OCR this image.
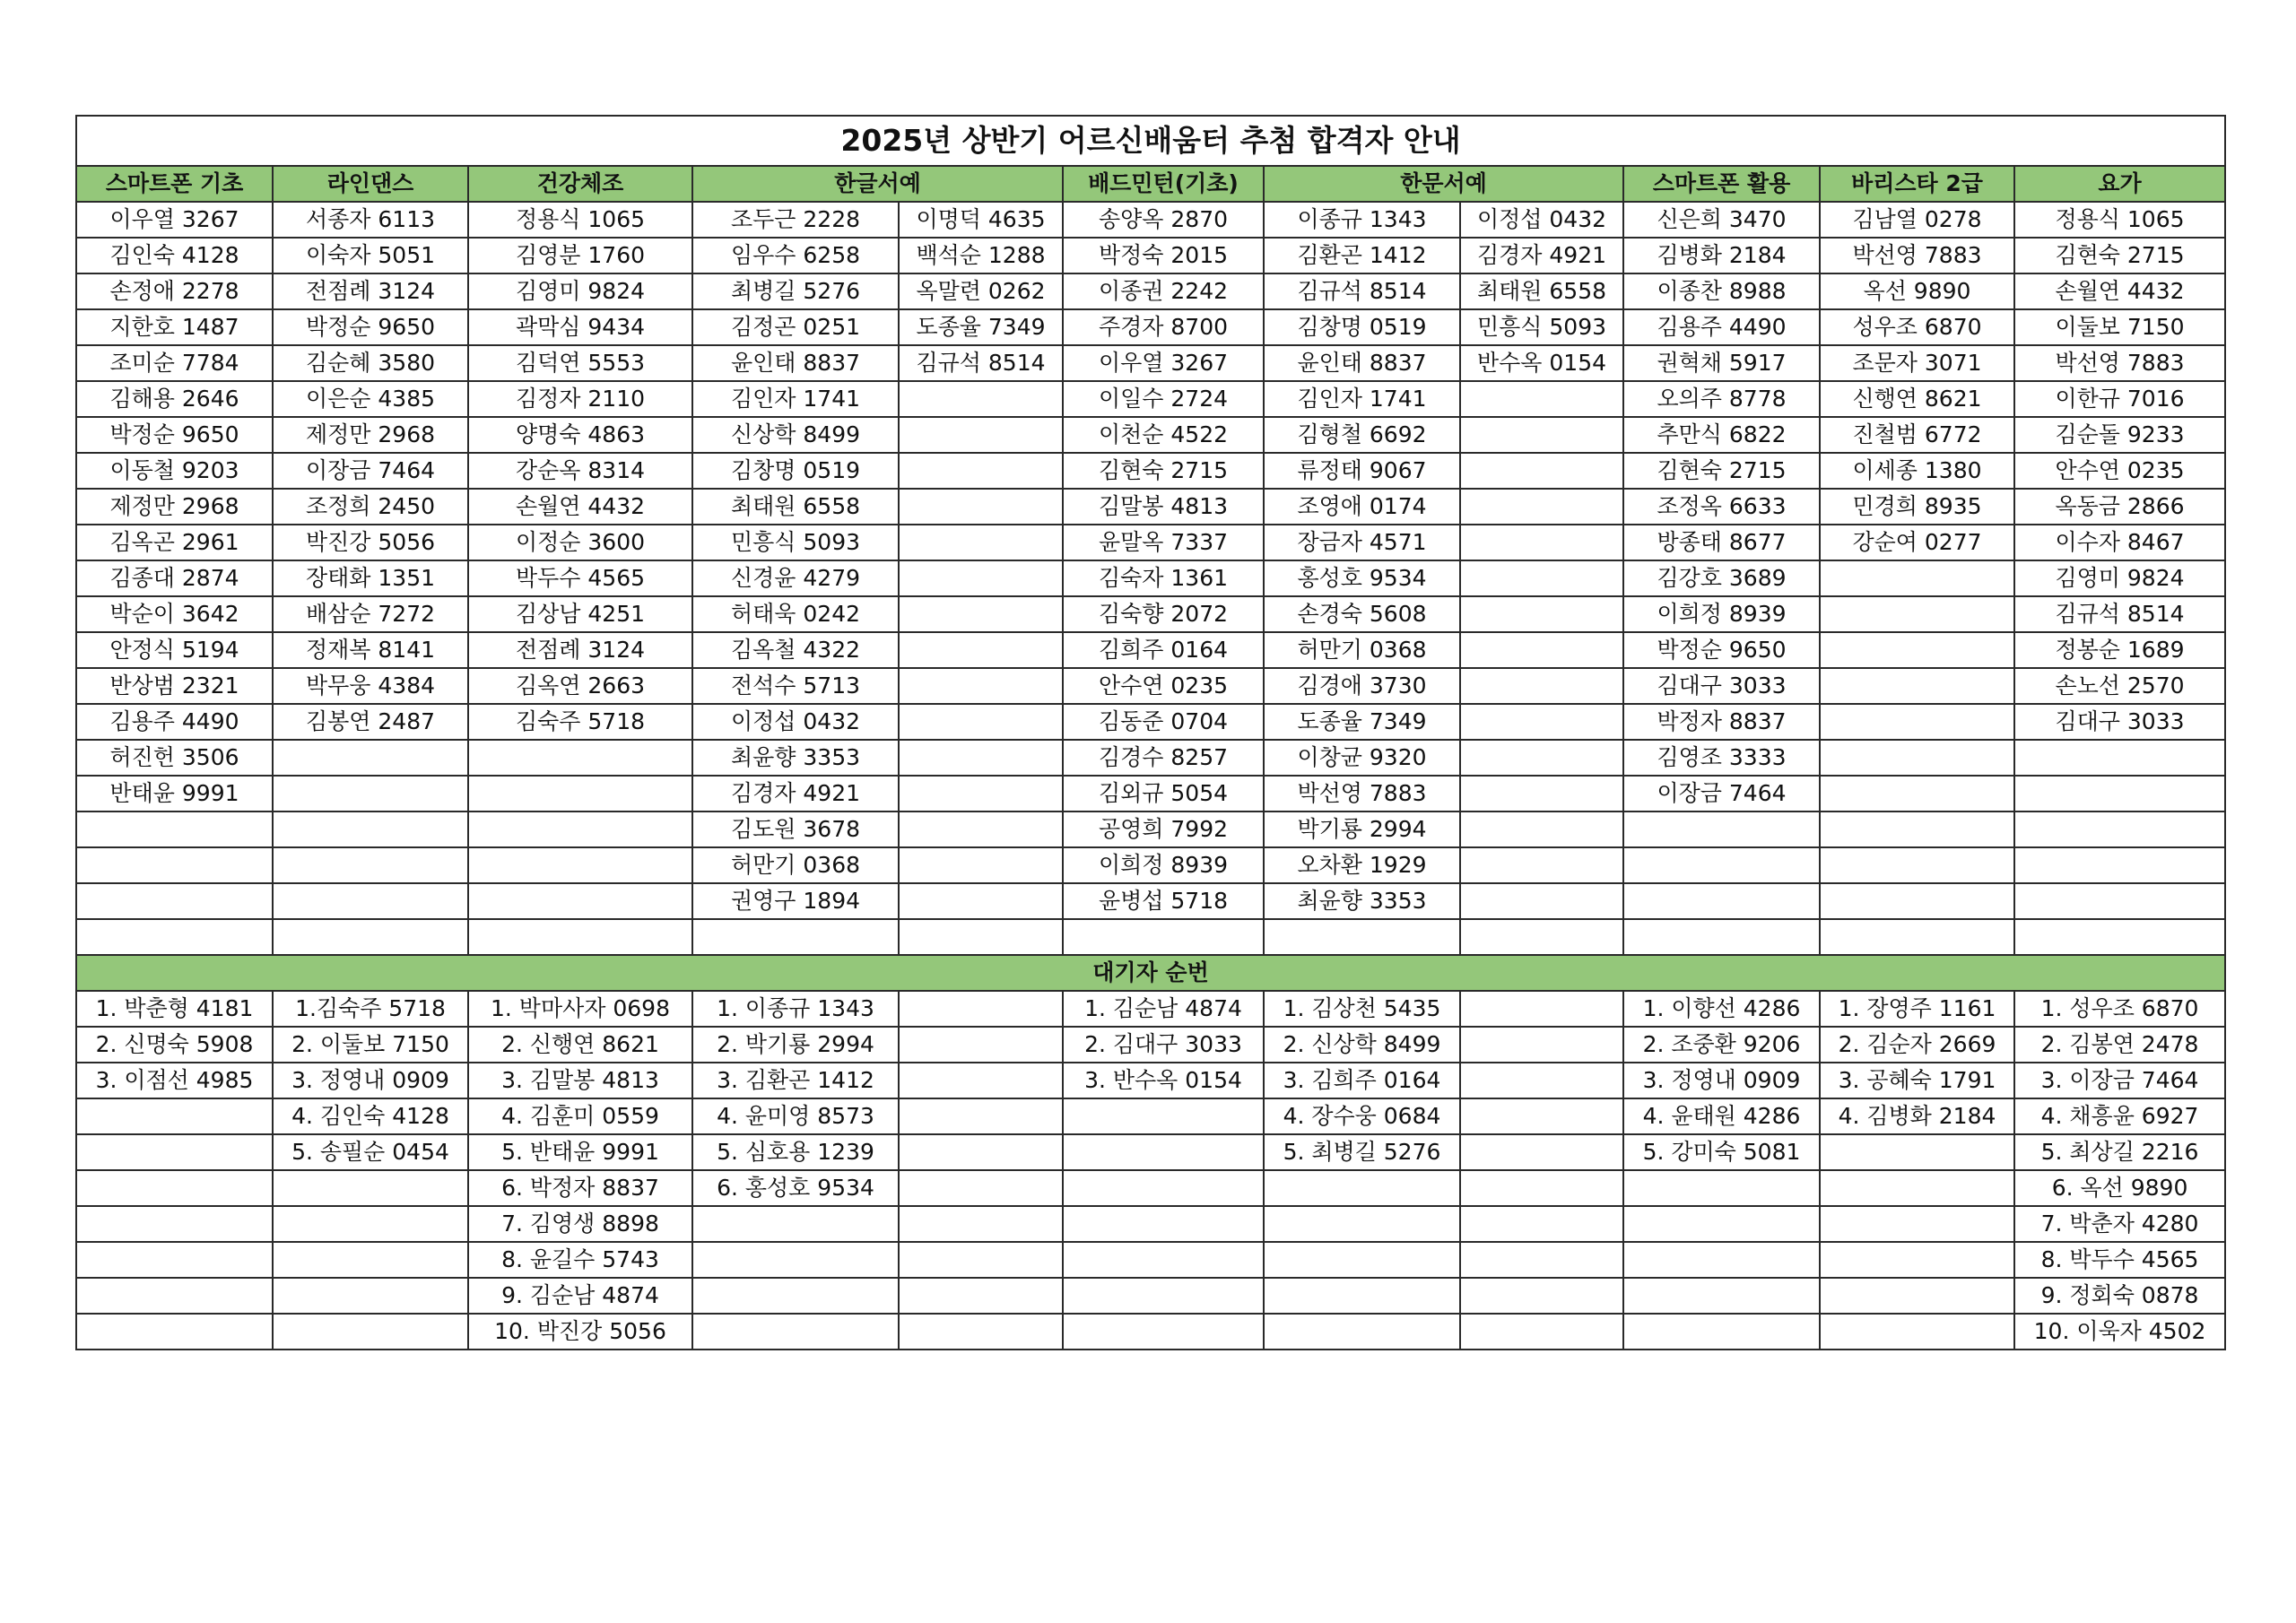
2025년 상반기 어르신배움터 추첨 합격자 안내										
스마트폰 기초	라인댄스	건강체조	한글서예		배드민턴(기초)	한문서예		스마트폰 활용	바리스타 2급	요가
이우열 3267	서종자 6113	정용식 1065	조두근 2228	이명덕 4635	송양옥 2870	이종규 1343	이정섭 0432	신은희 3470	김남열 0278	정용식 1065
김인숙 4128	이숙자 5051	김영분 1760	임우수 6258	백석순 1288	박정숙 2015	김환곤 1412	김경자 4921	김병화 2184	박선영 7883	김현숙 2715
손정애 2278	전점례 3124	김영미 9824	최병길 5276	옥말련 0262	이종권 2242	김규석 8514	최태원 6558	이종찬 8988	옥선 9890	손월연 4432
지한호 1487	박정순 9650	곽막심 9434	김정곤 0251	도종율 7349	주경자 8700	김창명 0519	민흥식 5093	김용주 4490	성우조 6870	이둘보 7150
조미순 7784	김순혜 3580	김덕연 5553	윤인태 8837	김규석 8514	이우열 3267	윤인태 8837	반수옥 0154	권혁채 5917	조문자 3071	박선영 7883
김해용 2646	이은순 4385	김정자 2110	김인자 1741		이일수 2724	김인자 1741		오의주 8778	신행연 8621	이한규 7016
박정순 9650	제정만 2968	양명숙 4863	신상학 8499		이천순 4522	김형철 6692		추만식 6822	진철범 6772	김순돌 9233
이동철 9203	이장금 7464	강순옥 8314	김창명 0519		김현숙 2715	류정태 9067		김현숙 2715	이세종 1380	안수연 0235
제정만 2968	조정희 2450	손월연 4432	최태원 6558		김말봉 4813	조영애 0174		조정옥 6633	민경희 8935	옥동금 2866
김옥곤 2961	박진강 5056	이정순 3600	민흥식 5093		윤말옥 7337	장금자 4571		방종태 8677	강순여 0277	이수자 8467
김종대 2874	장태화 1351	박두수 4565	신경윤 4279		김숙자 1361	홍성호 9534		김강호 3689		김영미 9824
박순이 3642	배삼순 7272	김상남 4251	허태욱 0242		김숙향 2072	손경숙 5608		이희정 8939		김규석 8514
안정식 5194	정재복 8141	전점례 3124	김옥철 4322		김희주 0164	허만기 0368		박정순 9650		정봉순 1689
반상범 2321	박무웅 4384	김옥연 2663	전석수 5713		안수연 0235	김경애 3730		김대구 3033		손노선 2570
김용주 4490	김봉연 2487	김숙주 5718	이정섭 0432		김동준 0704	도종율 7349		박정자 8837		김대구 3033
허진헌 3506			최윤향 3353		김경수 8257	이창균 9320		김영조 3333		
반태윤 9991			김경자 4921		김외규 5054	박선영 7883		이장금 7464		
			김도원 3678		공영희 7992	박기룡 2994				
			허만기 0368		이희정 8939	오차환 1929				
			권영구 1894		윤병섭 5718	최윤향 3353				

대기자 순번										
1. 박춘형 4181	1.김숙주 5718	1. 박마사자 0698	1. 이종규 1343		1. 김순남 4874	1. 김상천 5435		1. 이향선 4286	1. 장영주 1161	1. 성우조 6870
2. 신명숙 5908	2. 이둘보 7150	2. 신행연 8621	2. 박기룡 2994		2. 김대구 3033	2. 신상학 8499		2. 조중환 9206	2. 김순자 2669	2. 김봉연 2478
3. 이점선 4985	3. 정영내 0909	3. 김말봉 4813	3. 김환곤 1412		3. 반수옥 0154	3. 김희주 0164		3. 정영내 0909	3. 공혜숙 1791	3. 이장금 7464
	4. 김인숙 4128	4. 김훈미 0559	4. 윤미영 8573			4. 장수웅 0684		4. 윤태원 4286	4. 김병화 2184	4. 채흥윤 6927
	5. 송필순 0454	5. 반태윤 9991	5. 심호용 1239			5. 최병길 5276		5. 강미숙 5081		5. 최상길 2216
		6. 박정자 8837	6. 홍성호 9534							6. 옥선 9890
		7. 김영생 8898								7. 박춘자 4280
		8. 윤길수 5743								8. 박두수 4565
		9. 김순남 4874								9. 정회숙 0878
		10. 박진강 5056								10. 이욱자 4502
